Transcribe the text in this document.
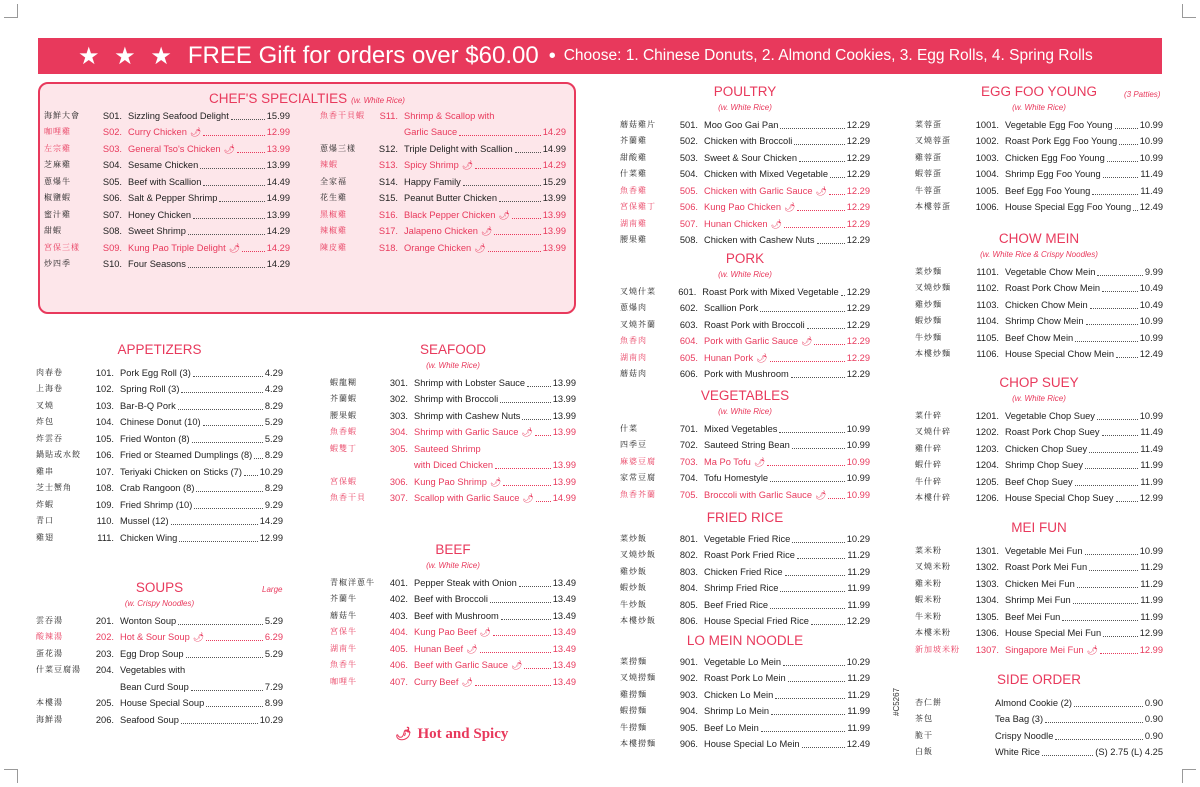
★ ★ ★ FREE Gift for orders over $60.00 • Choose: 1. Chinese Donuts, 2. Almond Cookies, 3. Egg Rolls, 4. Spring Rolls
CHEF'S SPECIALTIES (w. White Rice)
海鮮大會	S01. Sizzling Seafood Delight	15.99
咖哩雞	S02. Curry Chicken 🌶	12.99
左宗雞	S03. General Tso's Chicken 🌶	13.99
芝麻雞	S04. Sesame Chicken	13.99
蔥爆牛	S05. Beef with Scallion	14.49
椒鹽蝦	S06. Salt & Pepper Shrimp	14.99
蜜汁雞	S07. Honey Chicken	13.99
甜蝦	S08. Sweet Shrimp	14.29
宮保三樣	S09. Kung Pao Triple Delight 🌶	14.29
炒四季	S10. Four Seasons	14.29
魚香干貝蝦	S11. Shrimp & Scallop with
Garlic Sauce	14.29
蔥爆三樣	S12. Triple Delight with Scallion	14.99
辣蝦	S13. Spicy Shrimp 🌶	14.29
全家福	S14. Happy Family	15.29
花生雞	S15. Peanut Butter Chicken	13.99
黑椒雞	S16. Black Pepper Chicken 🌶	13.99
辣椒雞	S17. Jalapeno Chicken 🌶	13.99
陳皮雞	S18. Orange Chicken 🌶	13.99
APPETIZERS
肉春卷	101. Pork Egg Roll (3)	4.29
上海卷	102. Spring Roll (3)	4.29
叉燒	103. Bar-B-Q Pork	8.29
炸包	104. Chinese Donut (10)	5.29
炸雲吞	105. Fried Wonton (8)	5.29
鍋貼或水餃	106. Fried or Steamed Dumplings (8) 8.29
雞串	107. Teriyaki Chicken on Sticks (7) 10.29
芝士蟹角	108. Crab Rangoon (8)	8.29
炸蝦	109. Fried Shrimp (10)	9.29
青口	110. Mussel (12)	14.29
雞翅	111. Chicken Wing	12.99
SOUPS
(w. Crispy Noodles)
雲吞湯	201. Wonton Soup	5.29
酸辣湯	202. Hot & Sour Soup 🌶	6.29
蛋花湯	203. Egg Drop Soup	5.29
什菜豆腐湯	204. Vegetables with
Bean Curd Soup	7.29
本樓湯	205. House Special Soup	8.99
海鮮湯	206. Seafood Soup	10.29
Large
SEAFOOD
(w. White Rice)
蝦龍糊	301. Shrimp with Lobster Sauce	13.99
芥蘭蝦	302. Shrimp with Broccoli	13.99
腰果蝦	303. Shrimp with Cashew Nuts	13.99
魚香蝦	304. Shrimp with Garlic Sauce 🌶 13.99
蝦雙丁	305. Sauteed Shrimp
with Diced Chicken	13.99
宮保蝦	306. Kung Pao Shrimp 🌶	13.99
魚香干貝	307. Scallop with Garlic Sauce 🌶 14.99
BEEF
(w. White Rice)
青椒洋蔥牛	401. Pepper Steak with Onion	13.49
芥蘭牛	402. Beef with Broccoli	13.49
蘑菇牛	403. Beef with Mushroom	13.49
宮保牛	404. Kung Pao Beef 🌶	13.49
湖南牛	405. Hunan Beef 🌶	13.49
魚香牛	406. Beef with Garlic Sauce 🌶	13.49
咖哩牛	407. Curry Beef 🌶	13.49
🌶 Hot and Spicy
POULTRY
(w. White Rice)
蘑菇雞片	501. Moo Goo Gai Pan	12.29
芥蘭雞	502. Chicken with Broccoli	12.29
甜酸雞	503. Sweet & Sour Chicken	12.29
什菜雞	504. Chicken with Mixed Vegetable 12.29
魚香雞	505. Chicken with Garlic Sauce 🌶 12.29
宮保雞丁	506. Kung Pao Chicken 🌶	12.29
湖南雞	507. Hunan Chicken 🌶	12.29
腰果雞	508. Chicken with Cashew Nuts	12.29
PORK
(w. White Rice)
叉燒什菜	601. Roast Pork with Mixed Vegetable 12.29
蔥爆肉	602. Scallion Pork	12.29
叉燒芥蘭	603. Roast Pork with Broccoli	12.29
魚香肉	604. Pork with Garlic Sauce 🌶	12.29
湖南肉	605. Hunan Pork 🌶	12.29
蘑菇肉	606. Pork with Mushroom	12.29
VEGETABLES
(w. White Rice)
什菜	701. Mixed Vegetables	10.99
四季豆	702. Sauteed String Bean	10.99
麻婆豆腐	703. Ma Po Tofu 🌶	10.99
家常豆腐	704. Tofu Homestyle	10.99
魚香芥蘭	705. Broccoli with Garlic Sauce 🌶 10.99
FRIED RICE
菜炒飯	801. Vegetable Fried Rice	10.29
叉燒炒飯	802. Roast Pork Fried Rice	11.29
雞炒飯	803. Chicken Fried Rice	11.29
蝦炒飯	804. Shrimp Fried Rice	11.99
牛炒飯	805. Beef Fried Rice	11.99
本樓炒飯	806. House Special Fried Rice	12.29
LO MEIN NOODLE
菜撈麵	901. Vegetable Lo Mein	10.29
叉燒撈麵	902. Roast Pork Lo Mein	11.29
雞撈麵	903. Chicken Lo Mein	11.29
蝦撈麵	904. Shrimp Lo Mein	11.99
牛撈麵	905. Beef Lo Mein	11.99
本樓撈麵	906. House Special Lo Mein	12.49
EGG FOO YOUNG
(w. White Rice)
菜蓉蛋	1001. Vegetable Egg Foo Young	10.99
叉燒蓉蛋	1002. Roast Pork Egg Foo Young 10.99
雞蓉蛋	1003. Chicken Egg Foo Young	10.99
蝦蓉蛋	1004. Shrimp Egg Foo Young	11.49
牛蓉蛋	1005. Beef Egg Foo Young	11.49
本樓蓉蛋	1006. House Special Egg Foo Young 12.49
(3 Patties)
CHOW MEIN
(w. White Rice & Crispy Noodles)
菜炒麵	1101. Vegetable Chow Mein	9.99
叉燒炒麵	1102. Roast Pork Chow Mein	10.49
雞炒麵	1103. Chicken Chow Mein	10.49
蝦炒麵	1104. Shrimp Chow Mein	10.99
牛炒麵	1105. Beef Chow Mein	10.99
本樓炒麵	1106. House Special Chow Mein	12.49
CHOP SUEY
(w. White Rice)
菜什碎	1201. Vegetable Chop Suey	10.99
叉燒什碎	1202. Roast Pork Chop Suey	11.49
雞什碎	1203. Chicken Chop Suey	11.49
蝦什碎	1204. Shrimp Chop Suey	11.99
牛什碎	1205. Beef Chop Suey	11.99
本樓什碎	1206. House Special Chop Suey	12.99
MEI FUN
菜米粉	1301. Vegetable Mei Fun	10.99
叉燒米粉	1302. Roast Pork Mei Fun	11.29
雞米粉	1303. Chicken Mei Fun	11.29
蝦米粉	1304. Shrimp Mei Fun	11.99
牛米粉	1305. Beef Mei Fun	11.99
本樓米粉	1306. House Special Mei Fun	12.99
新加坡米粉	1307. Singapore Mei Fun 🌶	12.99
SIDE ORDER
杏仁餅	Almond Cookie (2)	0.90
茶包	Tea Bag (3)	0.90
脆干	Crispy Noodle	0.90
白飯	White Rice	(S) 2.75 (L) 4.25
#C5267
